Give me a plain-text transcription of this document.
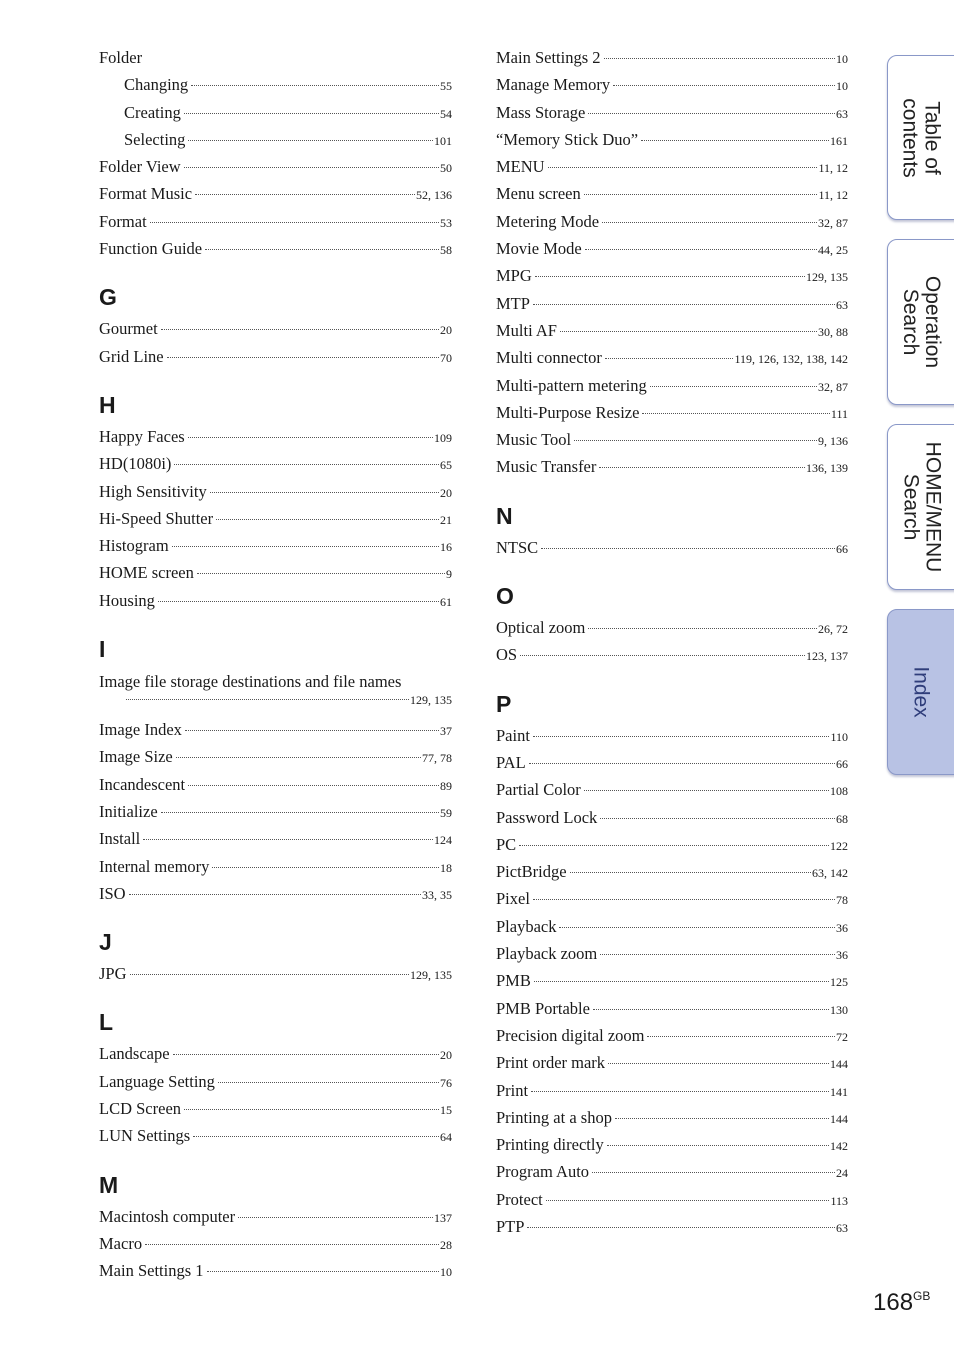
Folder
Changing	55
Creating	54
Selecting	101
Folder View	50
Format Music	52, 136
Format	53
Function Guide	58
G
Gourmet	20
Grid Line	70
H
Happy Faces	109
HD(1080i)	65
High Sensitivity	20
Hi-Speed Shutter	21
Histogram	16
HOME screen	9
Housing	61
I
Image file storage destinations and file names
129, 135
Image Index	37
Image Size	77, 78
Incandescent	89
Initialize	59
Install	124
Internal memory	18
ISO	33, 35
J
JPG	129, 135
L
Landscape	20
Language Setting	76
LCD Screen	15
LUN Settings	64
M
Macintosh computer	137
Macro	28
Main Settings 1	10
Main Settings 2	10
Manage Memory	10
Mass Storage	63
“Memory Stick Duo”	161
MENU	11, 12
Menu screen	11, 12
Metering Mode	32, 87
Movie Mode	44, 25
MPG	129, 135
MTP	63
Multi AF	30, 88
Multi connector	119, 126, 132, 138, 142
Multi-pattern metering	32, 87
Multi-Purpose Resize	111
Music Tool	9, 136
Music Transfer	136, 139
N
NTSC	66
O
Optical zoom	26, 72
OS	123, 137
P
Paint	110
PAL	66
Partial Color	108
Password Lock	68
PC	122
PictBridge	63, 142
Pixel	78
Playback	36
Playback zoom	36
PMB	125
PMB Portable	130
Precision digital zoom	72
Print order mark	144
Print	141
Printing at a shop	144
Printing directly	142
Program Auto	24
Protect	113
PTP	63
Table of
contents
Operation
Search
HOME/MENU
Search
Index
$168^{GB}$
